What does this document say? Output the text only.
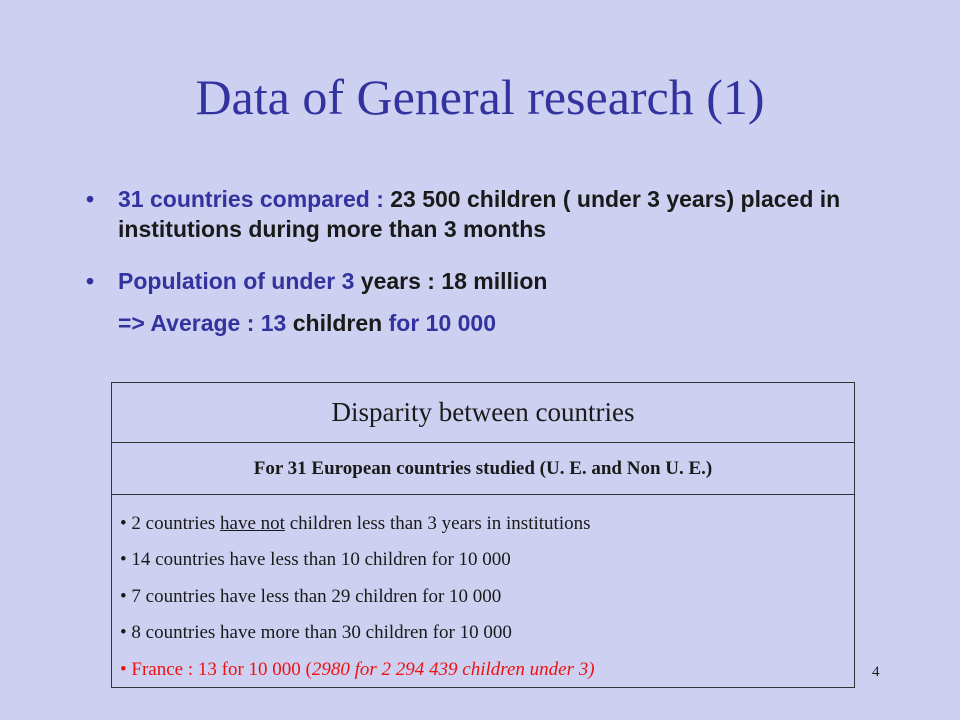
Data of General research (1)
• 31 countries compared : 23 500 children ( under 3 years) placed in institutions during more than 3 months
• Population of under 3 years : 18 million
=> Average : 13 children for 10 000
Disparity between countries
For 31 European countries studied (U. E. and Non U. E.)
• 2 countries have not children less than 3 years in institutions
• 14 countries have less than 10 children for 10 000
• 7 countries have less than 29 children for 10 000
• 8 countries have more than 30 children for 10 000
• France : 13 for 10 000 (2980 for 2 294 439 children under 3)	4
